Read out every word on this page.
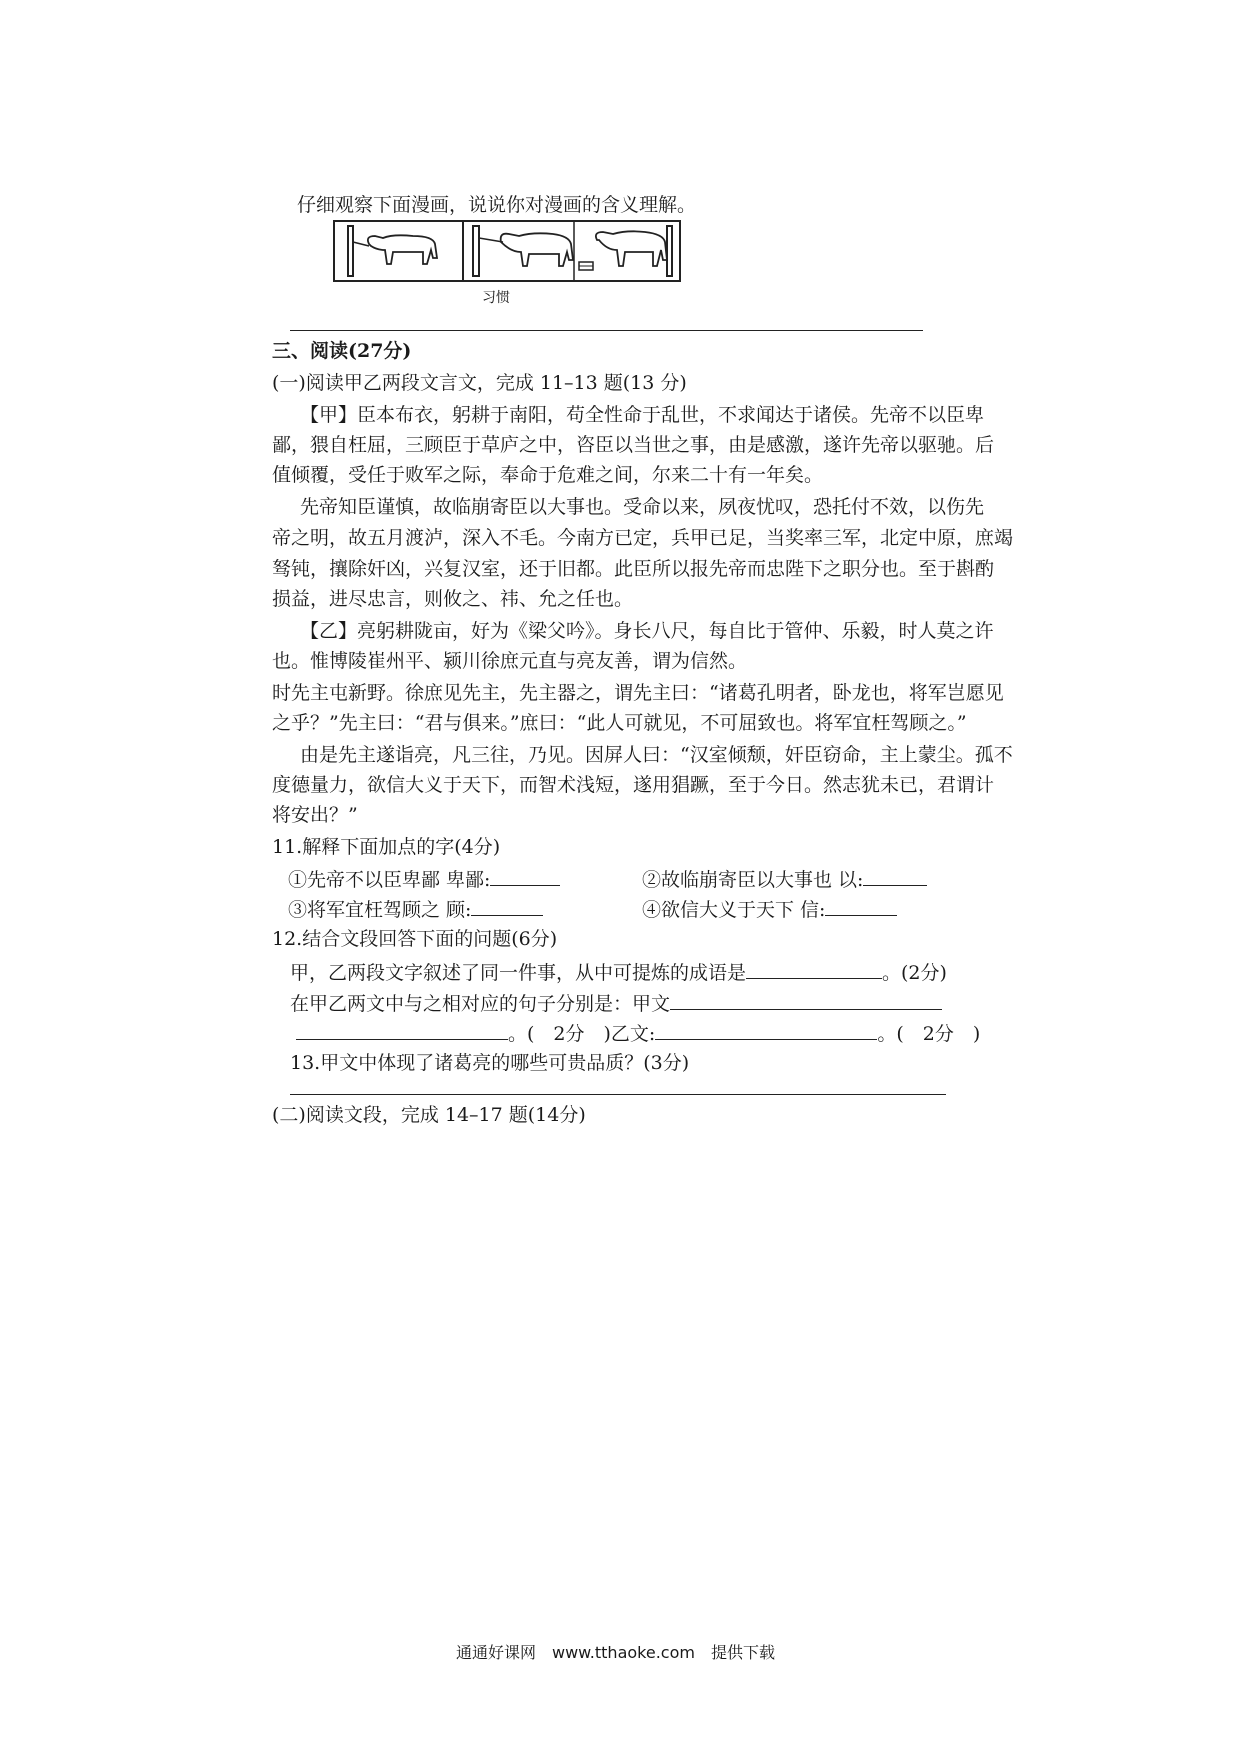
仔细观察下面漫画，说说你对漫画的含义理解。
习惯
三、阅读(27分)
(一)阅读甲乙两段文言文，完成 11–13 题(13 分)
【甲】臣本布衣，躬耕于南阳，苟全性命于乱世，不求闻达于诸侯。先帝不以臣卑
鄙，猥自枉屈，三顾臣于草庐之中，咨臣以当世之事，由是感激，遂许先帝以驱驰。后
值倾覆，受任于败军之际，奉命于危难之间，尔来二十有一年矣。
先帝知臣谨慎，故临崩寄臣以大事也。受命以来，夙夜忧叹，恐托付不效，以伤先
帝之明，故五月渡泸，深入不毛。今南方已定，兵甲已足，当奖率三军，北定中原，庶竭
驽钝，攘除奸凶，兴复汉室，还于旧都。此臣所以报先帝而忠陛下之职分也。至于斟酌
损益，进尽忠言，则攸之、祎、允之任也。
【乙】亮躬耕陇亩，好为《梁父吟》。身长八尺，每自比于管仲、乐毅，时人莫之许
也。惟博陵崔州平、颍川徐庶元直与亮友善，谓为信然。
时先主屯新野。徐庶见先主，先主器之，谓先主曰：“诸葛孔明者，卧龙也，将军岂愿见
之乎？”先主曰：“君与俱来。”庶曰：“此人可就见，不可屈致也。将军宜枉驾顾之。”
由是先主遂诣亮，凡三往，乃见。因屏人曰：“汉室倾颓，奸臣窃命，主上蒙尘。孤不
度德量力，欲信大义于天下，而智术浅短，遂用猖蹶，至于今日。然志犹未已，君谓计
将安出？”
11.解释下面加点的字(4分)
①先帝不以臣卑鄙 卑鄙:	②故临崩寄臣以大事也 以:
③将军宜枉驾顾之 顾:	④欲信大义于天下 信:
12.结合文段回答下面的问题(6分)
甲，乙两段文字叙述了同一件事，从中可提炼的成语是	。(2分)
在甲乙两文中与之相对应的句子分别是：甲文
。(　2分　)乙文:	。(　2分　)
13.甲文中体现了诸葛亮的哪些可贵品质？(3分)
(二)阅读文段，完成 14–17 题(14分)
通通好课网　www.tthaoke.com　提供下载
